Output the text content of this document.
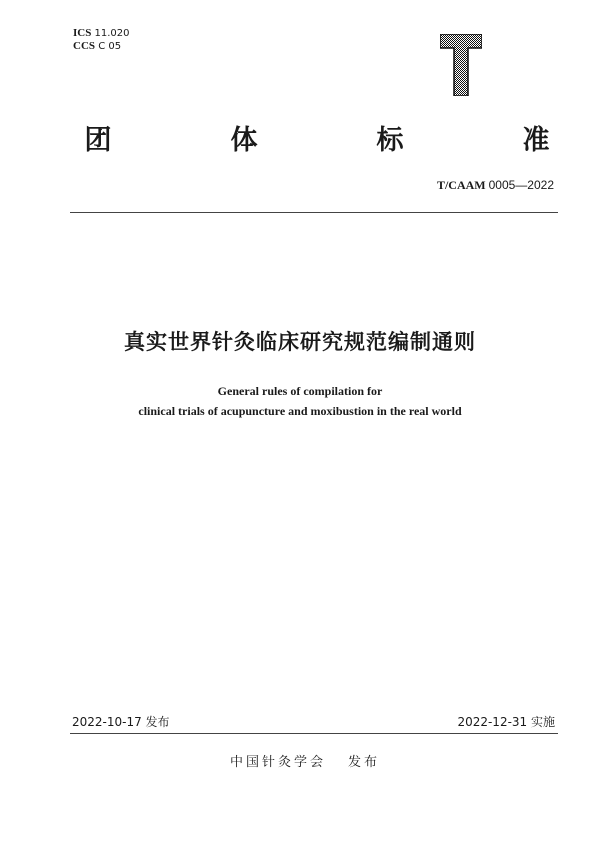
ICS 11.020
CCS C 05
团	体	标	准
T/CAAM 0005—2022
真实世界针灸临床研究规范编制通则
General rules of compilation for
clinical trials of acupuncture and moxibustion in the real world
2022-10-17 发布	2022-12-31 实施
中国针灸学会 发布
